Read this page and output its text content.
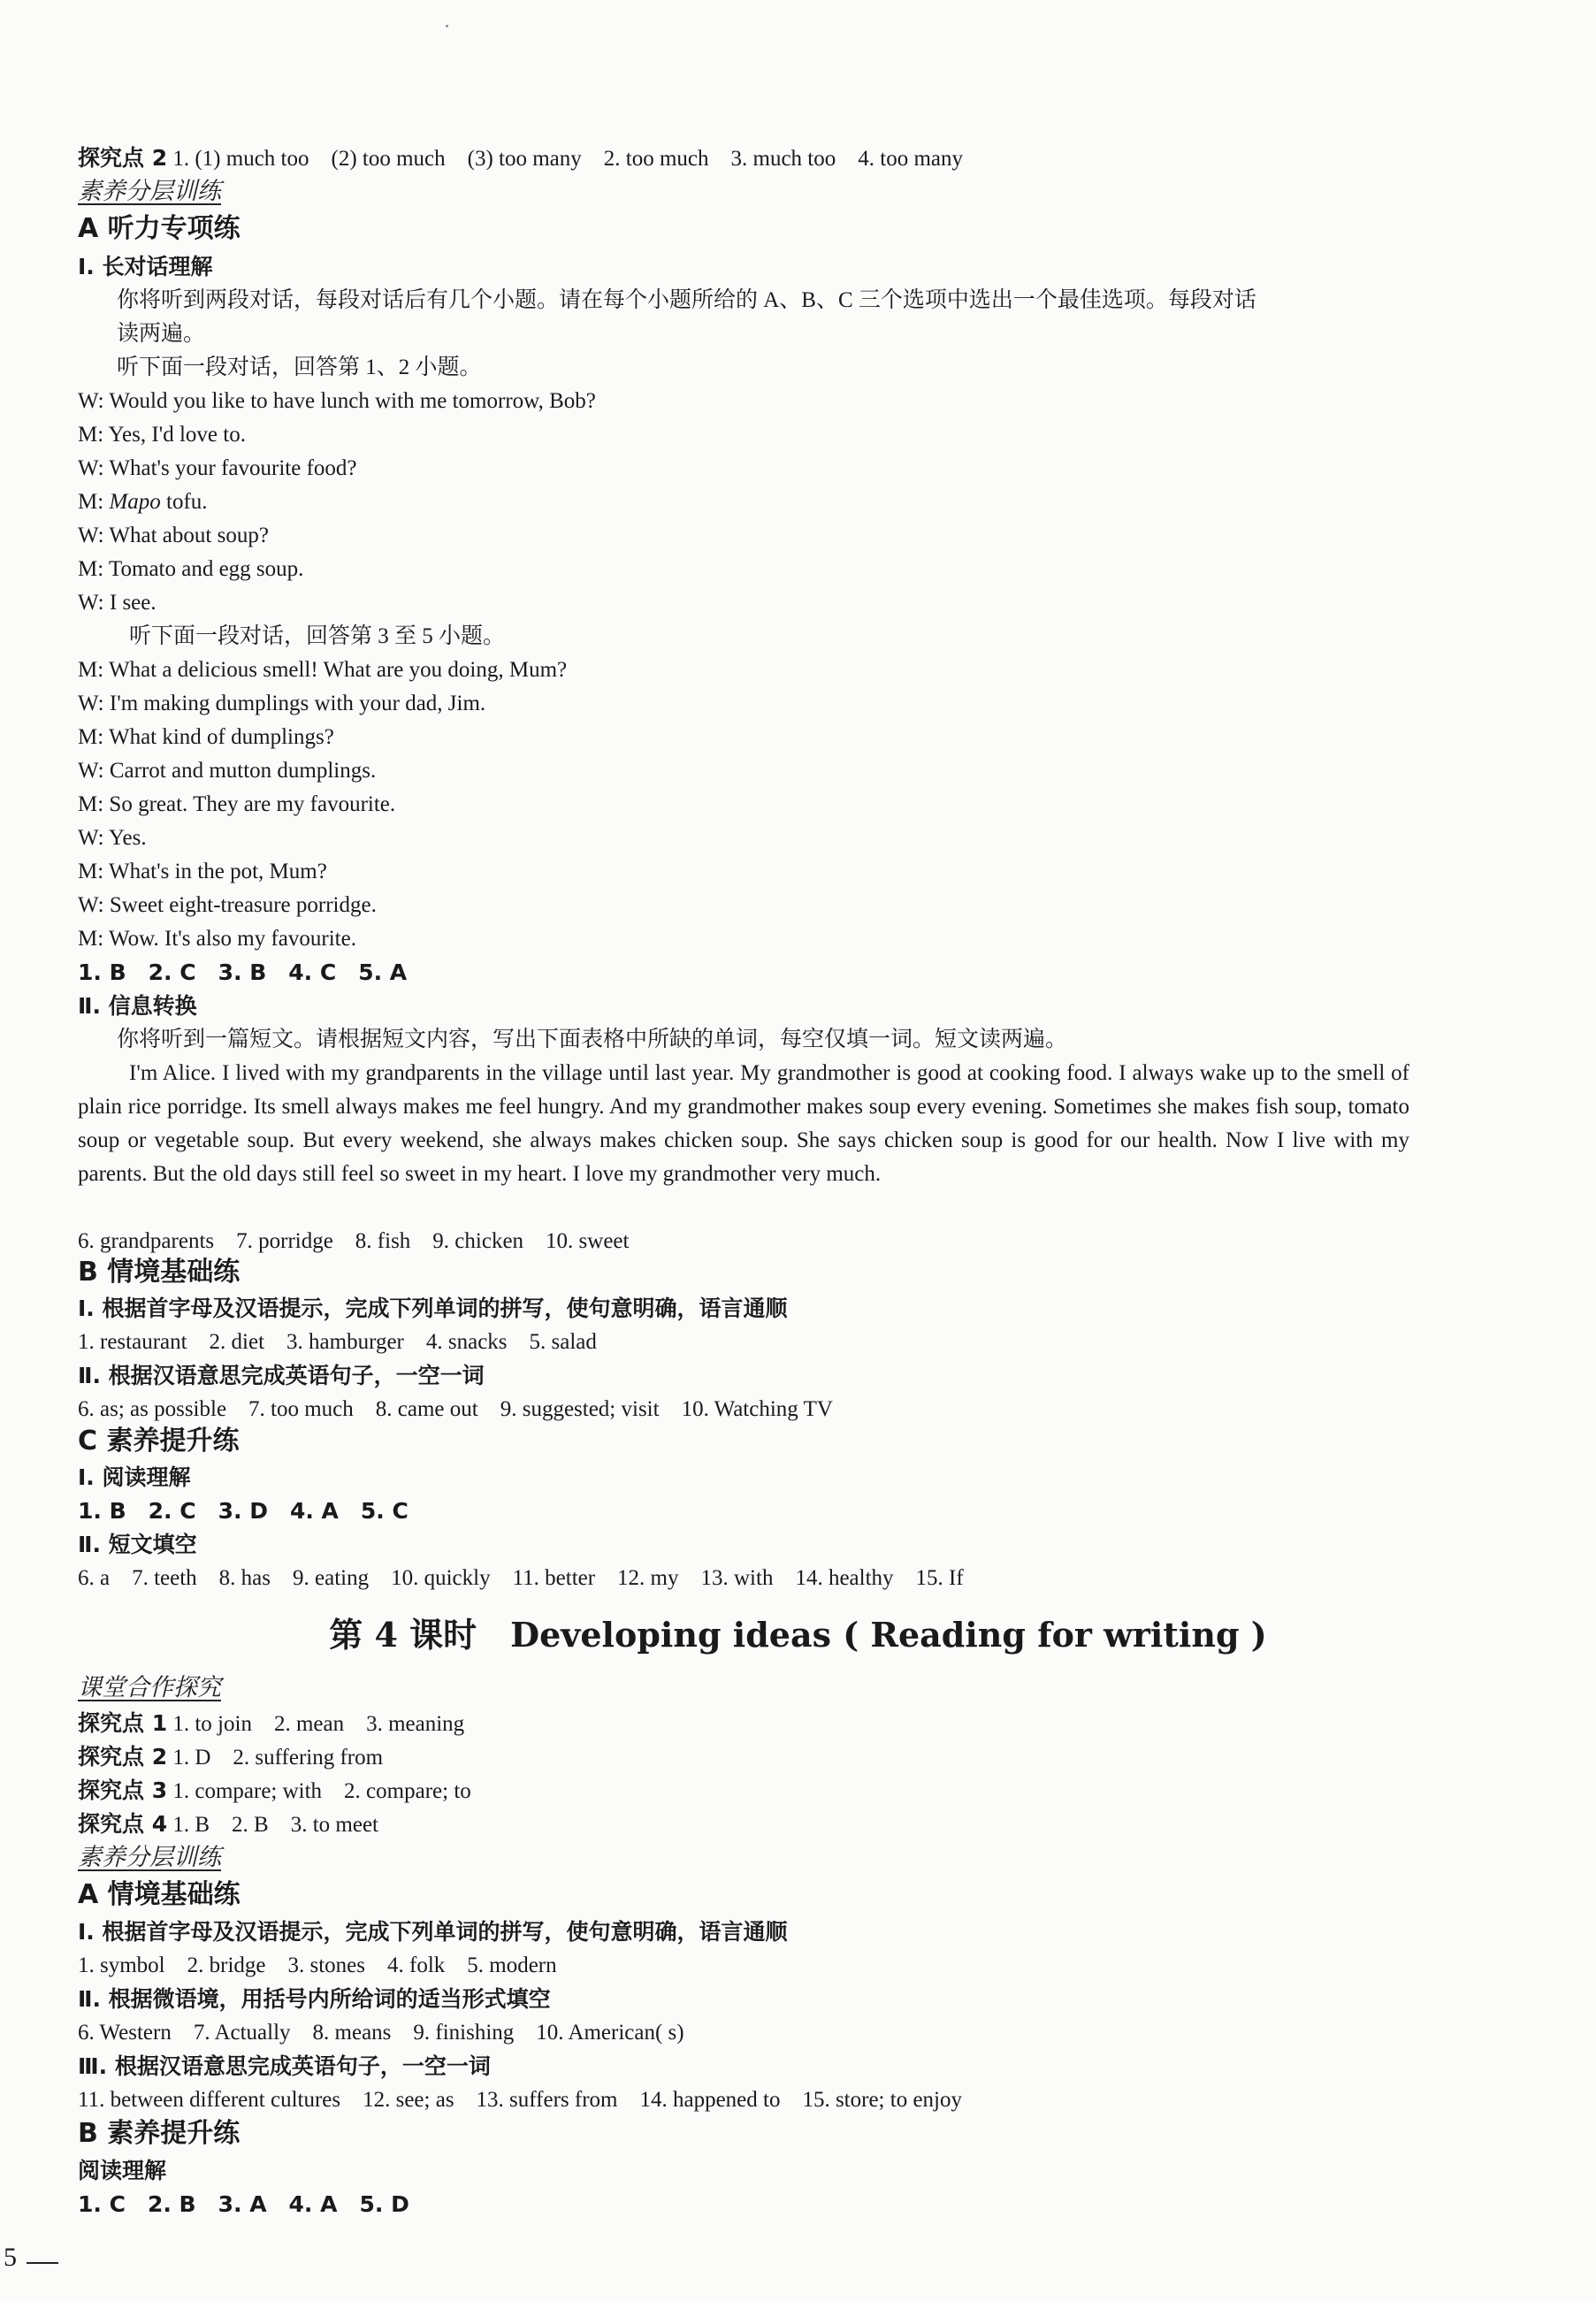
探究点 2 1. (1) much too　(2) too much　(3) too many　2. too much　3. much too　4. too many
素养分层训练
A 听力专项练
Ⅰ. 长对话理解
你将听到两段对话，每段对话后有几个小题。请在每个小题所给的 A、B、C 三个选项中选出一个最佳选项。每段对话
读两遍。
听下面一段对话，回答第 1、2 小题。
W: Would you like to have lunch with me tomorrow, Bob?
M: Yes, I'd love to.
W: What's your favourite food?
M: Mapo tofu.
W: What about soup?
M: Tomato and egg soup.
W: I see.
听下面一段对话，回答第 3 至 5 小题。
M: What a delicious smell! What are you doing, Mum?
W: I'm making dumplings with your dad, Jim.
M: What kind of dumplings?
W: Carrot and mutton dumplings.
M: So great. They are my favourite.
W: Yes.
M: What's in the pot, Mum?
W: Sweet eight-treasure porridge.
M: Wow. It's also my favourite.
1. B　2. C　3. B　4. C　5. A
Ⅱ. 信息转换
你将听到一篇短文。请根据短文内容，写出下面表格中所缺的单词，每空仅填一词。短文读两遍。
I'm Alice. I lived with my grandparents in the village until last year. My grandmother is good at cooking food. I always wake up to the smell of plain rice porridge. Its smell always makes me feel hungry. And my grandmother makes soup every evening. Sometimes she makes fish soup, tomato soup or vegetable soup. But every weekend, she always makes chicken soup. She says chicken soup is good for our health. Now I live with my parents. But the old days still feel so sweet in my heart. I love my grandmother very much.
6. grandparents　7. porridge　8. fish　9. chicken　10. sweet
B 情境基础练
Ⅰ. 根据首字母及汉语提示，完成下列单词的拼写，使句意明确，语言通顺
1. restaurant　2. diet　3. hamburger　4. snacks　5. salad
Ⅱ. 根据汉语意思完成英语句子，一空一词
6. as; as possible　7. too much　8. came out　9. suggested; visit　10. Watching TV
C 素养提升练
Ⅰ. 阅读理解
1. B　2. C　3. D　4. A　5. C
Ⅱ. 短文填空
6. a　7. teeth　8. has　9. eating　10. quickly　11. better　12. my　13. with　14. healthy　15. If
第 4 课时　Developing ideas ( Reading for writing )
课堂合作探究
探究点 1 1. to join　2. mean　3. meaning
探究点 2 1. D　2. suffering from
探究点 3 1. compare; with　2. compare; to
探究点 4 1. B　2. B　3. to meet
素养分层训练
A 情境基础练
Ⅰ. 根据首字母及汉语提示，完成下列单词的拼写，使句意明确，语言通顺
1. symbol　2. bridge　3. stones　4. folk　5. modern
Ⅱ. 根据微语境，用括号内所给词的适当形式填空
6. Western　7. Actually　8. means　9. finishing　10. American( s)
Ⅲ. 根据汉语意思完成英语句子，一空一词
11. between different cultures　12. see; as　13. suffers from　14. happened to　15. store; to enjoy
B 素养提升练
阅读理解
1. C　2. B　3. A　4. A　5. D
5
